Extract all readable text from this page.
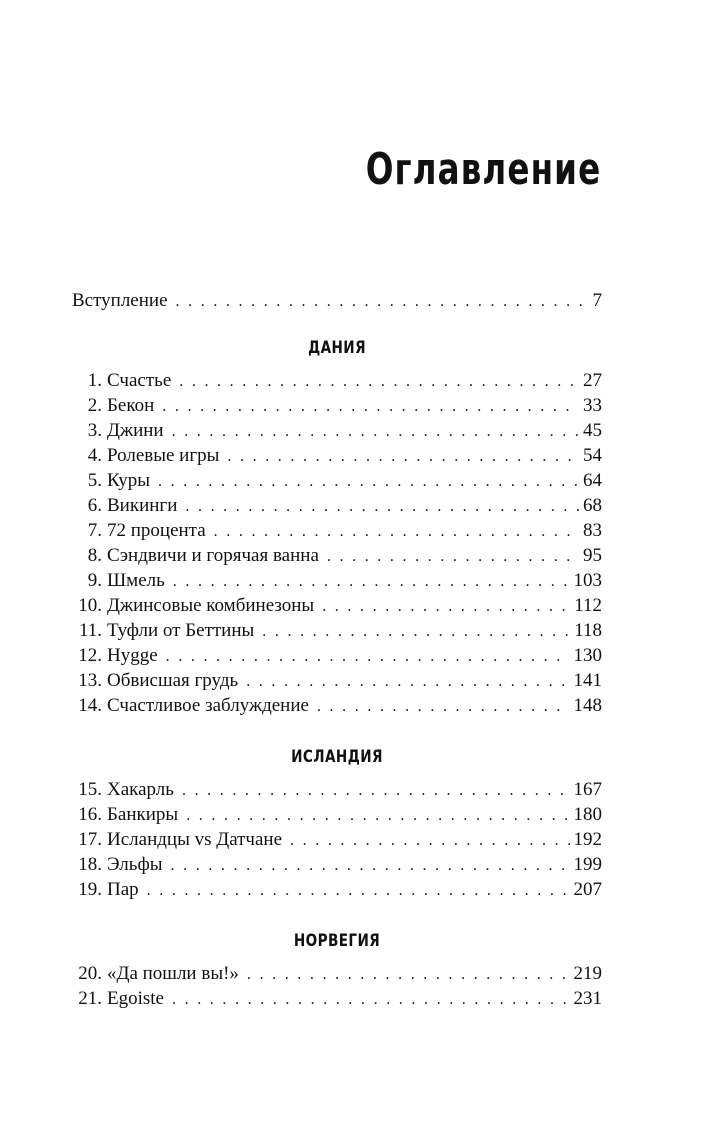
Оглавление
Вступление . . .	7
ДАНИЯ
1. Счастье . . .	27
2. Бекон . . .	33
3. Джини . . .	45
4. Ролевые игры . . .	54
5. Куры . . .	64
6. Викинги . . .	68
7. 72 процента . . .	83
8. Сэндвичи и горячая ванна . . .	95
9. Шмель . . .	103
10. Джинсовые комбинезоны . . .	112
11. Туфли от Беттины . . .	118
12. Hygge . . .	130
13. Обвисшая грудь . . .	141
14. Счастливое заблуждение . . .	148
ИСЛАНДИЯ
15. Хакарль . . .	167
16. Банкиры . . .	180
17. Исландцы vs Датчане . . .	192
18. Эльфы . . .	199
19. Пар . . .	207
НОРВЕГИЯ
20. «Да пошли вы!» . . .	219
21. Egoiste . . .	231
